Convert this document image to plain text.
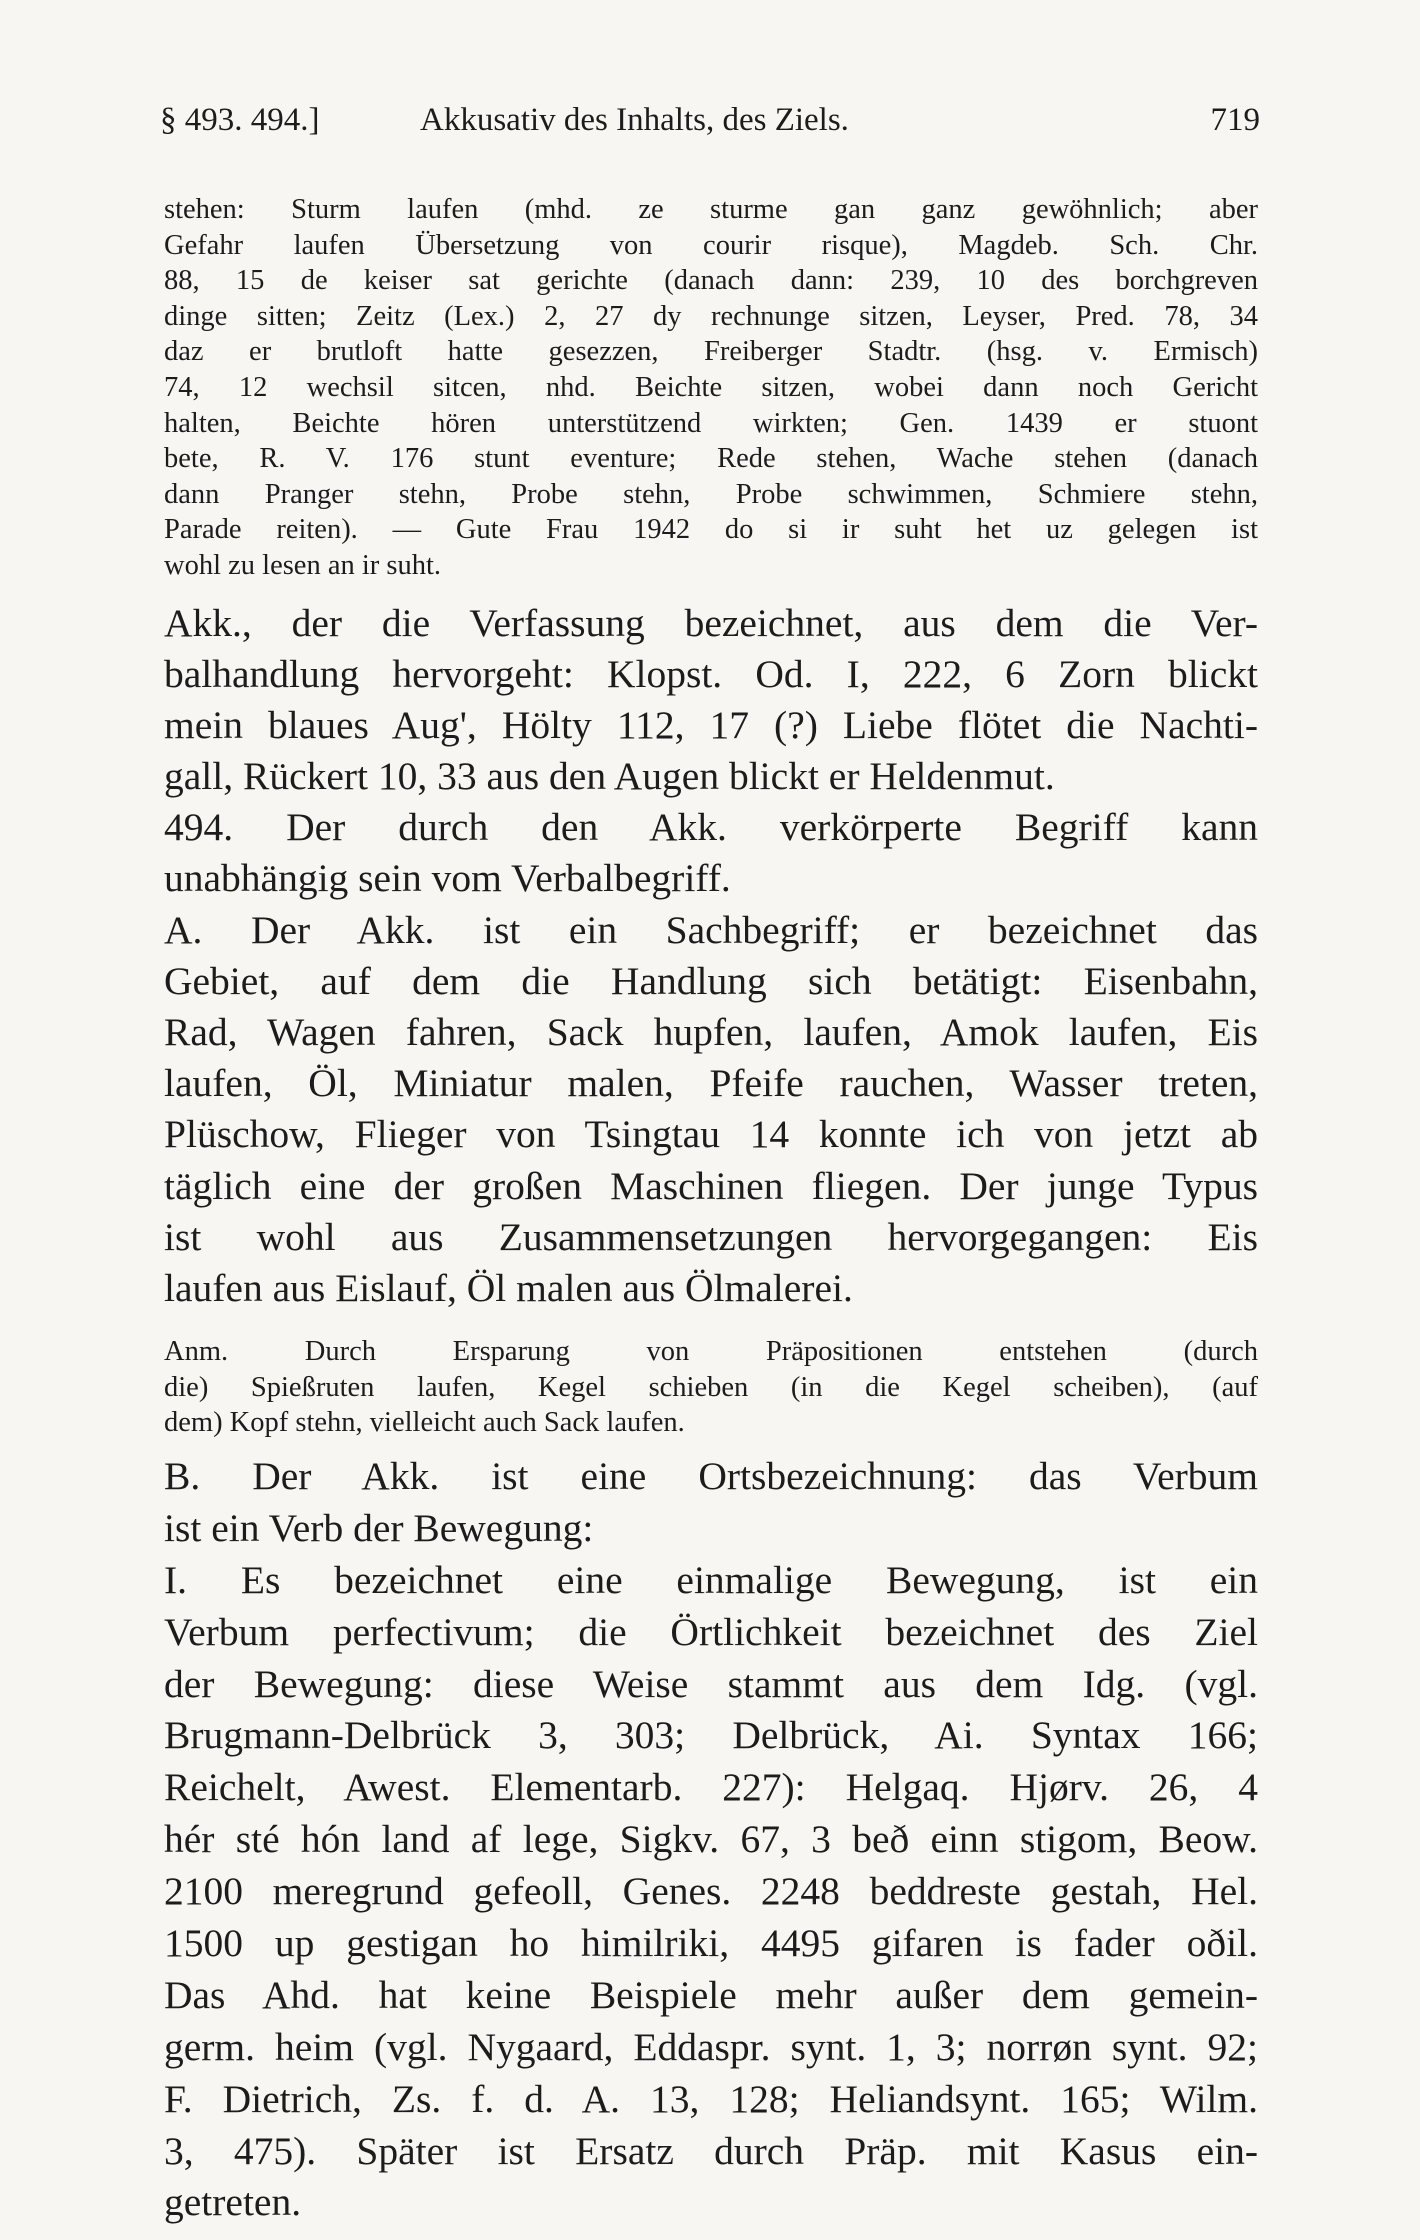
§ 493. 494.]	Akkusativ des Inhalts, des Ziels.	719

stehen: Sturm laufen (mhd. ze sturme gan ganz gewöhnlich; aber

Gefahr laufen Übersetzung von courir risque), Magdeb. Sch. Chr.

88, 15 de keiser sat gerichte (danach dann: 239, 10 des borchgreven

dinge sitten; Zeitz (Lex.) 2, 27 dy rechnunge sitzen, Leyser, Pred. 78, 34

daz er brutloft hatte gesezzen, Freiberger Stadtr. (hsg. v. Ermisch)

74, 12 wechsil sitcen, nhd. Beichte sitzen, wobei dann noch Gericht

halten, Beichte hören unterstützend wirkten; Gen. 1439 er stuont

bete, R. V. 176 stunt eventure; Rede stehen, Wache stehen (danach

dann Pranger stehn, Probe stehn, Probe schwimmen, Schmiere stehn,

Parade reiten). — Gute Frau 1942 do si ir suht het uz gelegen ist

wohl zu lesen an ir suht.

Akk., der die Verfassung bezeichnet, aus dem die Ver-

balhandlung hervorgeht: Klopst. Od. I, 222, 6 Zorn blickt

mein blaues Aug', Hölty 112, 17 (?) Liebe flötet die Nachti-

gall, Rückert 10, 33 aus den Augen blickt er Heldenmut.

494. Der durch den Akk. verkörperte Begriff kann

unabhängig sein vom Verbalbegriff.

A. Der Akk. ist ein Sachbegriff; er bezeichnet das

Gebiet, auf dem die Handlung sich betätigt: Eisenbahn,

Rad, Wagen fahren, Sack hupfen, laufen, Amok laufen, Eis

laufen, Öl, Miniatur malen, Pfeife rauchen, Wasser treten,

Plüschow, Flieger von Tsingtau 14 konnte ich von jetzt ab

täglich eine der großen Maschinen fliegen. Der junge Typus

ist wohl aus Zusammensetzungen hervorgegangen: Eis

laufen aus Eislauf, Öl malen aus Ölmalerei.

Anm. Durch Ersparung von Präpositionen entstehen (durch

die) Spießruten laufen, Kegel schieben (in die Kegel scheiben), (auf

dem) Kopf stehn, vielleicht auch Sack laufen.

B. Der Akk. ist eine Ortsbezeichnung: das Verbum

ist ein Verb der Bewegung:

I. Es bezeichnet eine einmalige Bewegung, ist ein

Verbum perfectivum; die Örtlichkeit bezeichnet des Ziel

der Bewegung: diese Weise stammt aus dem Idg. (vgl.

Brugmann-Delbrück 3, 303; Delbrück, Ai. Syntax 166;

Reichelt, Awest. Elementarb. 227): Helgaq. Hjørv. 26, 4

hér sté hón land af lege, Sigkv. 67, 3 beð einn stigom, Beow.

2100 meregrund gefeoll, Genes. 2248 beddreste gestah, Hel.

1500 up gestigan ho himilriki, 4495 gifaren is fader oðil.

Das Ahd. hat keine Beispiele mehr außer dem gemein-

germ. heim (vgl. Nygaard, Eddaspr. synt. 1, 3; norrøn synt. 92;

F. Dietrich, Zs. f. d. A. 13, 128; Heliandsynt. 165; Wilm.

3, 475). Später ist Ersatz durch Präp. mit Kasus ein-

getreten.
